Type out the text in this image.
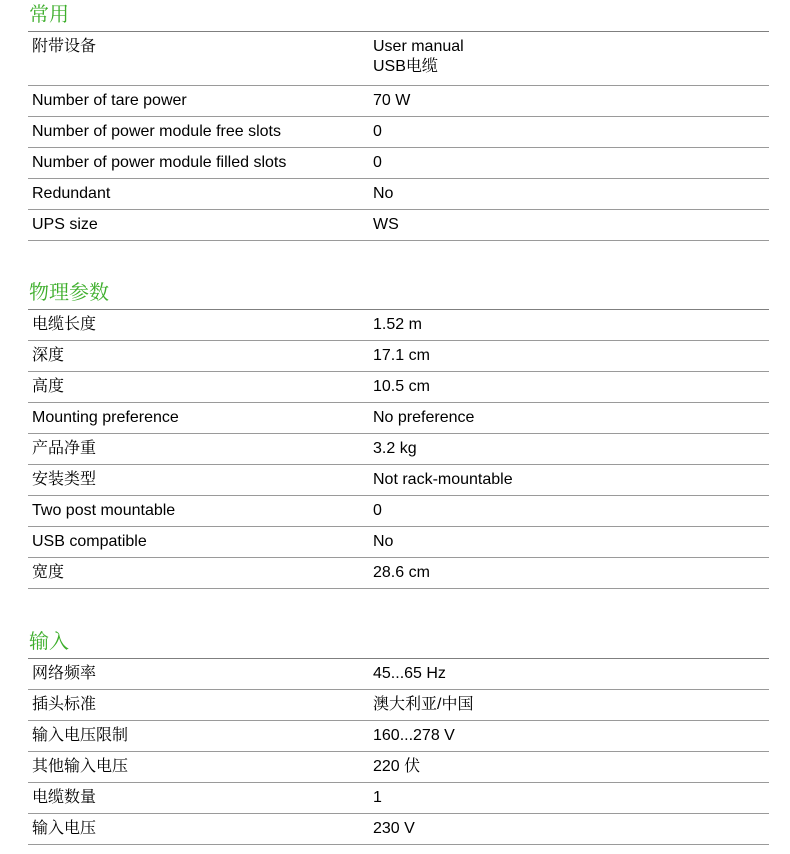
常用
附带设备	User manual
USB电缆
Number of tare power	70 W
Number of power module free slots	0
Number of power module filled slots	0
Redundant	No
UPS size	WS
物理参数
电缆长度	1.52 m
深度	17.1 cm
高度	10.5 cm
Mounting preference	No preference
产品净重	3.2 kg
安装类型	Not rack-mountable
Two post mountable	0
USB compatible	No
宽度	28.6 cm
输入
网络频率	45...65 Hz
插头标准	澳大利亚/中国
输入电压限制	160...278 V
其他输入电压	220 伏
电缆数量	1
输入电压	230 V
